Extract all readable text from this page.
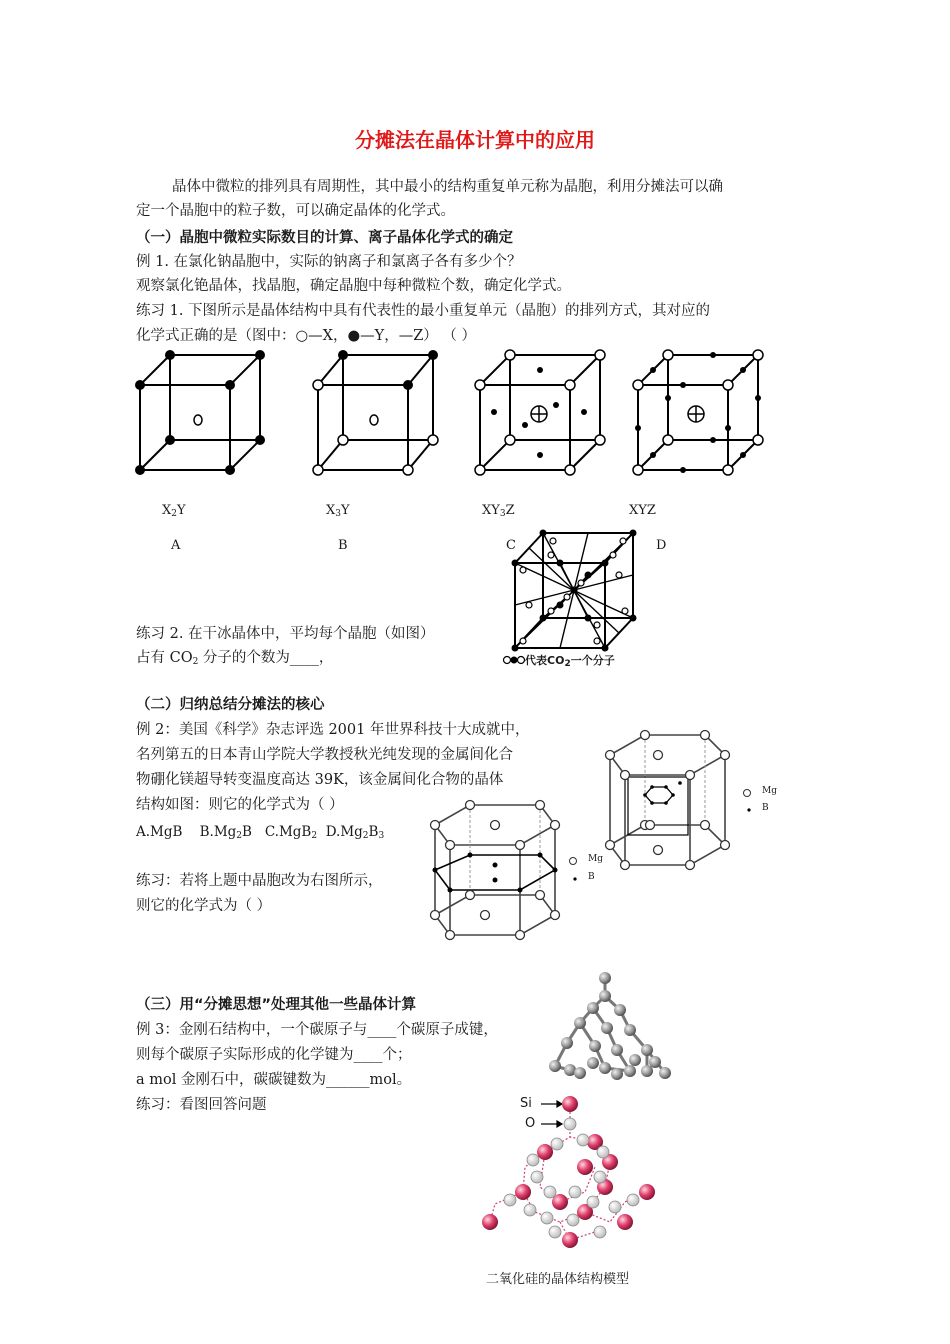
分摊法在晶体计算中的应用
晶体中微粒的排列具有周期性，其中最小的结构重复单元称为晶胞，利用分摊法可以确
定一个晶胞中的粒子数，可以确定晶体的化学式。
（一）晶胞中微粒实际数目的计算、离子晶体化学式的确定
例 1. 在氯化钠晶胞中，实际的钠离子和氯离子各有多少个？
观察氯化铯晶体，找晶胞，确定晶胞中每种微粒个数，确定化学式。
练习 1. 下图所示是晶体结构中具有代表性的最小重复单元（晶胞）的排列方式，其对应的
化学式正确的是（图中：○—X，●—Y，—Z） （ ）
$X_2Y$	$X_3Y$	$XY_3Z$	XYZ
A	B	C	D
代表$CO_2$一个分子
练习 2. 在干冰晶体中，平均每个晶胞（如图）
占有 $CO_2$ 分子的个数为____，
（二）归纳总结分摊法的核心
例 2：美国《科学》杂志评选 2001 年世界科技十大成就中，
名列第五的日本青山学院大学教授秋光纯发现的金属间化合
物硼化镁超导转变温度高达 39K，该金属间化合物的晶体
结构如图：则它的化学式为（ ）
A.MgB $B.Mg_2B$ C.MgB$_2$ $D.Mg_2B_3$
练习：若将上题中晶胞改为右图所示，
则它的化学式为（ ）
Mg
B
Mg
B
（三）用“分摊思想”处理其他一些晶体计算
例 3：金刚石结构中，一个碳原子与____个碳原子成键，
则每个碳原子实际形成的化学键为____个；
a mol 金刚石中，碳碳键数为______mol。
练习：看图回答问题	Si
O
二氧化硅的晶体结构模型
